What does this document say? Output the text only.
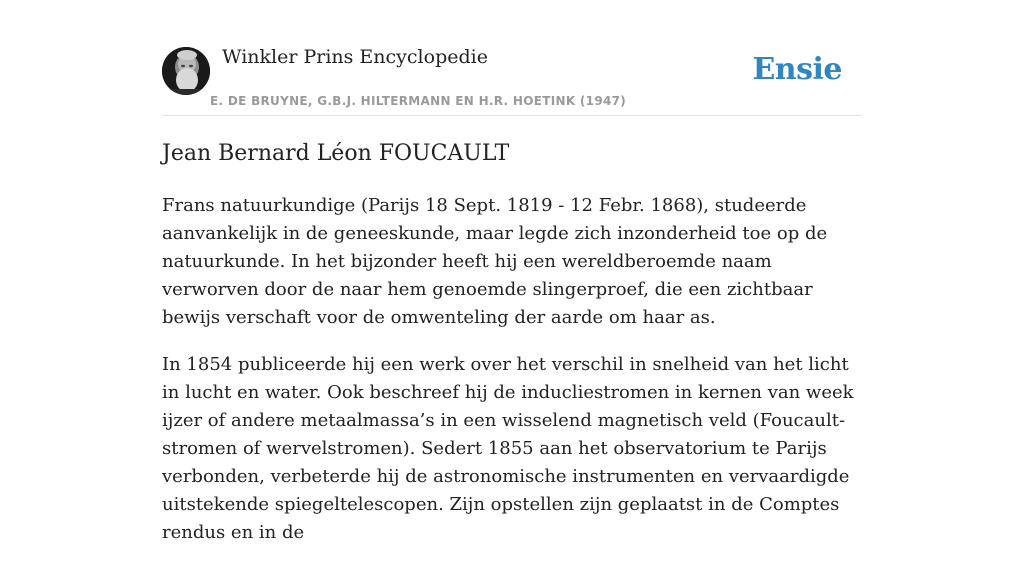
Winkler Prins Encyclopedie
E. DE BRUYNE, G.B.J. HILTERMANN EN H.R. HOETINK (1947)
Ensie
Jean Bernard Léon FOUCAULT

Frans natuurkundige (Parijs 18 Sept. 1819 - 12 Febr. 1868), studeerde aanvankelijk in de geneeskunde, maar legde zich inzonderheid toe op de natuurkunde. In het bijzonder heeft hij een wereldberoemde naam verworven door de naar hem genoemde slingerproef, die een zichtbaar bewijs verschaft voor de omwenteling der aarde om haar as.

In 1854 publiceerde hij een werk over het verschil in snelheid van het licht in lucht en water. Ook beschreef hij de inducliestromen in kernen van week ijzer of andere metaalmassa’s in een wisselend magnetisch veld (Foucault-stromen of wervelstromen). Sedert 1855 aan het observatorium te Parijs verbonden, verbeterde hij de astronomische instrumenten en vervaardigde uitstekende spiegeltelescopen. Zijn opstellen zijn geplaatst in de Comptes rendus en in de
